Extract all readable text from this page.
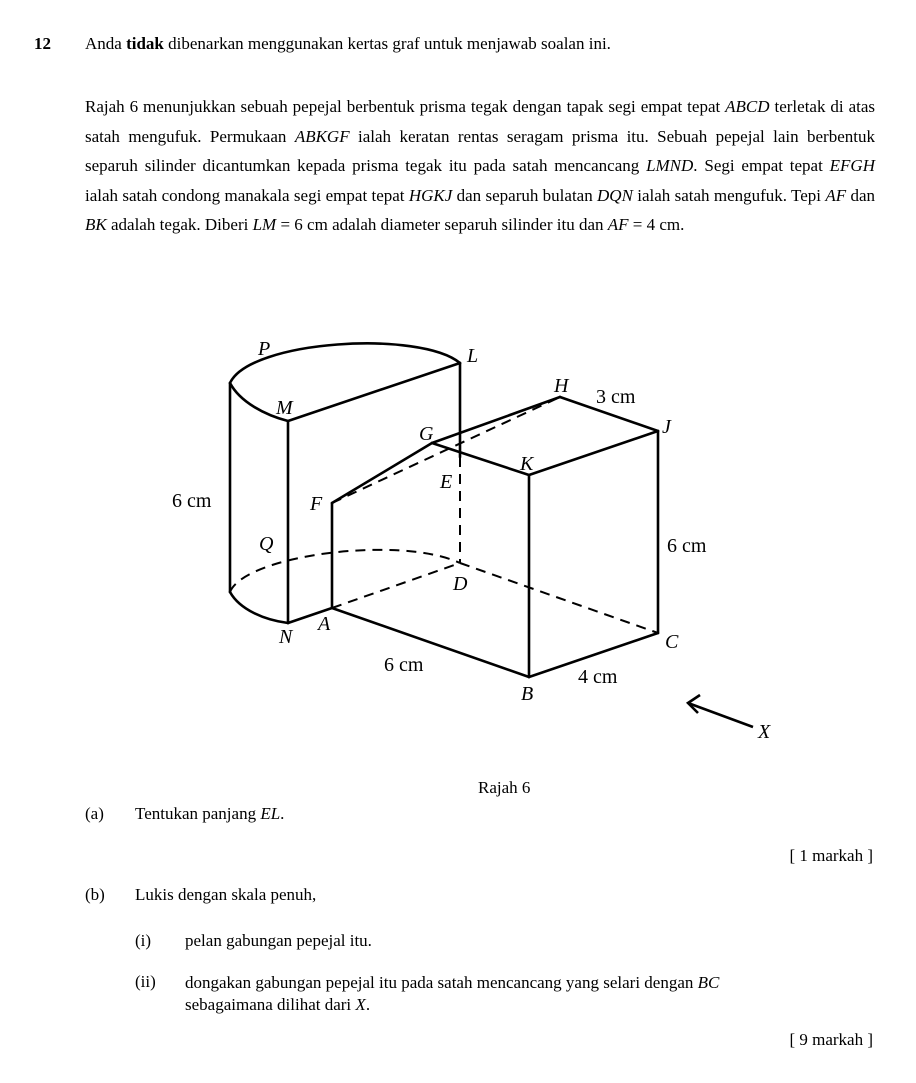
12 Anda tidak dibenarkan menggunakan kertas graf untuk menjawab soalan ini.
Rajah 6 menunjukkan sebuah pepejal berbentuk prisma tegak dengan tapak segi empat tepat ABCD terletak di atas satah mengufuk. Permukaan ABKGF ialah keratan rentas seragam prisma itu. Sebuah pepejal lain berbentuk separuh silinder dicantumkan kepada prisma tegak itu pada satah mencancang LMND. Segi empat tepat EFGH ialah satah condong manakala segi empat tepat HGKJ dan separuh bulatan DQN ialah satah mengufuk. Tepi AF dan BK adalah tegak. Diberi LM = 6 cm adalah diameter separuh silinder itu dan AF = 4 cm.
P	L
M
H
G	J
K
E
F
Q
D
N
A
C
B
X
6 cm
3 cm
6 cm
6 cm
4 cm
Rajah 6
(a) Tentukan panjang EL.
[ 1 markah ]
(b) Lukis dengan skala penuh,
(i) pelan gabungan pepejal itu.
(ii) dongakan gabungan pepejal itu pada satah mencancang yang selari dengan BC
sebagaimana dilihat dari X.
[ 9 markah ]
